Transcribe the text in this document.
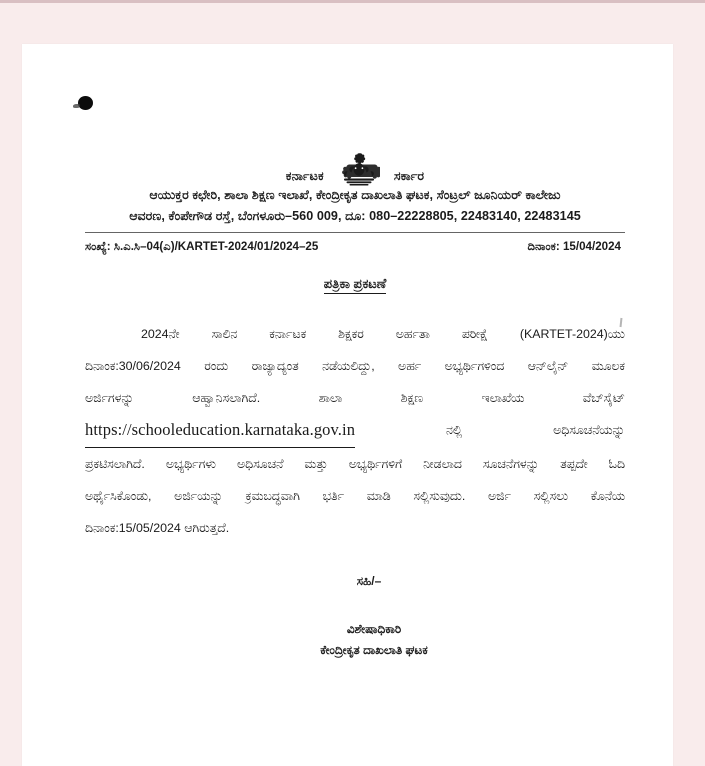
ಕರ್ನಾಟಕ	ಸರ್ಕಾರ
ಆಯುಕ್ತರ ಕಛೇರಿ, ಶಾಲಾ ಶಿಕ್ಷಣ ಇಲಾಖೆ, ಕೇಂದ್ರೀಕೃತ ದಾಖಲಾತಿ ಘಟಕ, ಸೆಂಟ್ರಲ್ ಜೂನಿಯರ್ ಕಾಲೇಜು
ಆವರಣ, ಕೆಂಪೇಗೌಡ ರಸ್ತೆ, ಬೆಂಗಳೂರು–560 009, ದೂ: 080–22228805, 22483140, 22483145
ಸಂಖ್ಯೆ: ಸಿ.ಎ.ಸಿ–04(ಎ)/KARTET-2024/01/2024–25	ದಿನಾಂಕ: 15/04/2024
ಪತ್ರಿಕಾ ಪ್ರಕಟಣೆ
2024ನೇ	ಸಾಲಿನ	ಕರ್ನಾಟಕ	ಶಿಕ್ಷಕರ	ಅರ್ಹತಾ	ಪರೀಕ್ಷೆ	(KARTET-2024)ಯು
ದಿನಾಂಕ:30/06/2024 ರಂದು ರಾಜ್ಯಾದ್ಯಂತ ನಡೆಯಲಿದ್ದು, ಅರ್ಹ ಅಭ್ಯರ್ಥಿಗಳಿಂದ ಆನ್‌ಲೈನ್ ಮೂಲಕ
ಅರ್ಜಿಗಳನ್ನು	ಆಹ್ವಾನಿಸಲಾಗಿದೆ.	ಶಾಲಾ	ಶಿಕ್ಷಣ	ಇಲಾಖೆಯ	ವೆಬ್‌ಸೈಟ್
https://schooleducation.karnataka.gov.in	ನಲ್ಲಿ	ಅಧಿಸೂಚನೆಯನ್ನು
ಪ್ರಕಟಿಸಲಾಗಿದೆ. ಅಭ್ಯರ್ಥಿಗಳು ಅಧಿಸೂಚನೆ ಮತ್ತು ಅಭ್ಯರ್ಥಿಗಳಿಗೆ ನೀಡಲಾದ ಸೂಚನೆಗಳನ್ನು ತಪ್ಪದೇ ಓದಿ
ಅರ್ಥೈಸಿಕೊಂಡು, ಅರ್ಜಿಯನ್ನು ಕ್ರಮಬದ್ಧವಾಗಿ ಭರ್ತಿ ಮಾಡಿ ಸಲ್ಲಿಸುವುದು. ಅರ್ಜಿ ಸಲ್ಲಿಸಲು ಕೊನೆಯ
ದಿನಾಂಕ:15/05/2024 ಆಗಿರುತ್ತದೆ.
ಸಹಿ/–
ವಿಶೇಷಾಧಿಕಾರಿ
ಕೇಂದ್ರೀಕೃತ ದಾಖಲಾತಿ ಘಟಕ
